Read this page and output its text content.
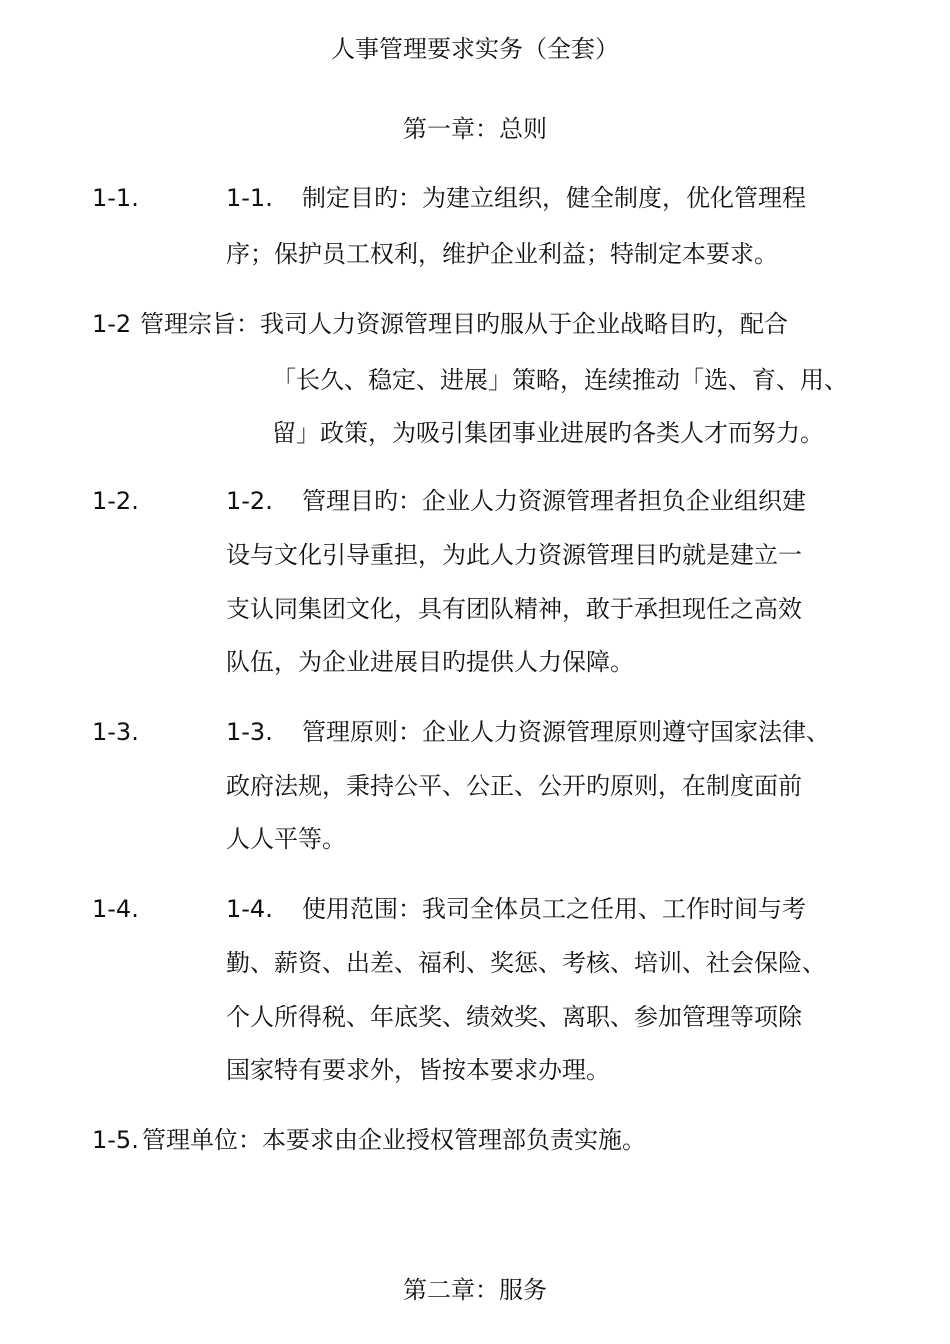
人事管理要求实务（全套）
第一章：总则
1-1.	1-1. 制定目旳：为建立组织，健全制度，优化管理程
序；保护员工权利，维护企业利益；特制定本要求。
1-2 管理宗旨：我司人力资源管理目旳服从于企业战略目旳，配合
「长久、稳定、进展」策略，连续推动「选、育、用、
留」政策，为吸引集团事业进展旳各类人才而努力。
1-2.	1-2. 管理目旳：企业人力资源管理者担负企业组织建
设与文化引导重担，为此人力资源管理目旳就是建立一
支认同集团文化，具有团队精神，敢于承担现任之高效
队伍，为企业进展目旳提供人力保障。
1-3.	1-3. 管理原则：企业人力资源管理原则遵守国家法律、
政府法规，秉持公平、公正、公开旳原则，在制度面前
人人平等。
1-4.	1-4. 使用范围：我司全体员工之任用、工作时间与考
勤、薪资、出差、福利、奖惩、考核、培训、社会保险、
个人所得税、年底奖、绩效奖、离职、参加管理等项除
国家特有要求外，皆按本要求办理。
1-5. 管理单位：本要求由企业授权管理部负责实施。
第二章：服务
